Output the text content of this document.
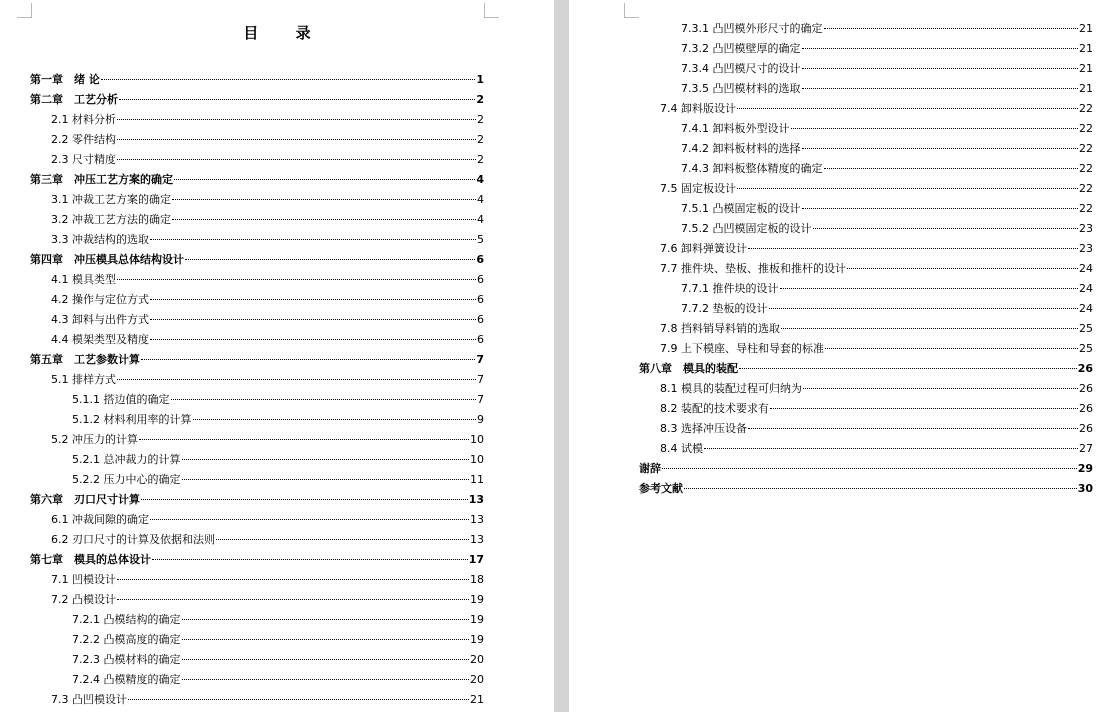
目 录
第一章　绪 论	1
第二章　工艺分析	2
2.1 材料分析	2
2.2 零件结构	2
2.3 尺寸精度	2
第三章　冲压工艺方案的确定	4
3.1 冲裁工艺方案的确定	4
3.2 冲裁工艺方法的确定	4
3.3 冲裁结构的选取	5
第四章　冲压模具总体结构设计	6
4.1 模具类型	6
4.2 操作与定位方式	6
4.3 卸料与出件方式	6
4.4 模架类型及精度	6
第五章　工艺参数计算	7
5.1 排样方式	7
5.1.1 搭边值的确定	7
5.1.2 材料利用率的计算	9
5.2 冲压力的计算	10
5.2.1 总冲裁力的计算	10
5.2.2 压力中心的确定	11
第六章　刃口尺寸计算	13
6.1 冲裁间隙的确定	13
6.2 刃口尺寸的计算及依据和法则	13
第七章　模具的总体设计	17
7.1 凹模设计	18
7.2 凸模设计	19
7.2.1 凸模结构的确定	19
7.2.2 凸模高度的确定	19
7.2.3 凸模材料的确定	20
7.2.4 凸模精度的确定	20
7.3 凸凹模设计	21
7.3.1 凸凹模外形尺寸的确定	21
7.3.2 凸凹模壁厚的确定	21
7.3.4 凸凹模尺寸的设计	21
7.3.5 凸凹模材料的选取	21
7.4 卸料版设计	22
7.4.1 卸料板外型设计	22
7.4.2 卸料板材料的选择	22
7.4.3 卸料板整体精度的确定	22
7.5 固定板设计	22
7.5.1 凸模固定板的设计	22
7.5.2 凸凹模固定板的设计	23
7.6 卸料弹簧设计	23
7.7 推件块、垫板、推板和推杆的设计	24
7.7.1 推件块的设计	24
7.7.2 垫板的设计	24
7.8 挡料销导料销的选取	25
7.9 上下模座、导柱和导套的标准	25
第八章　模具的装配	26
8.1 模具的装配过程可归纳为	26
8.2 装配的技术要求有	26
8.3 选择冲压设备	26
8.4 试模	27
谢辞	29
参考文献	30
